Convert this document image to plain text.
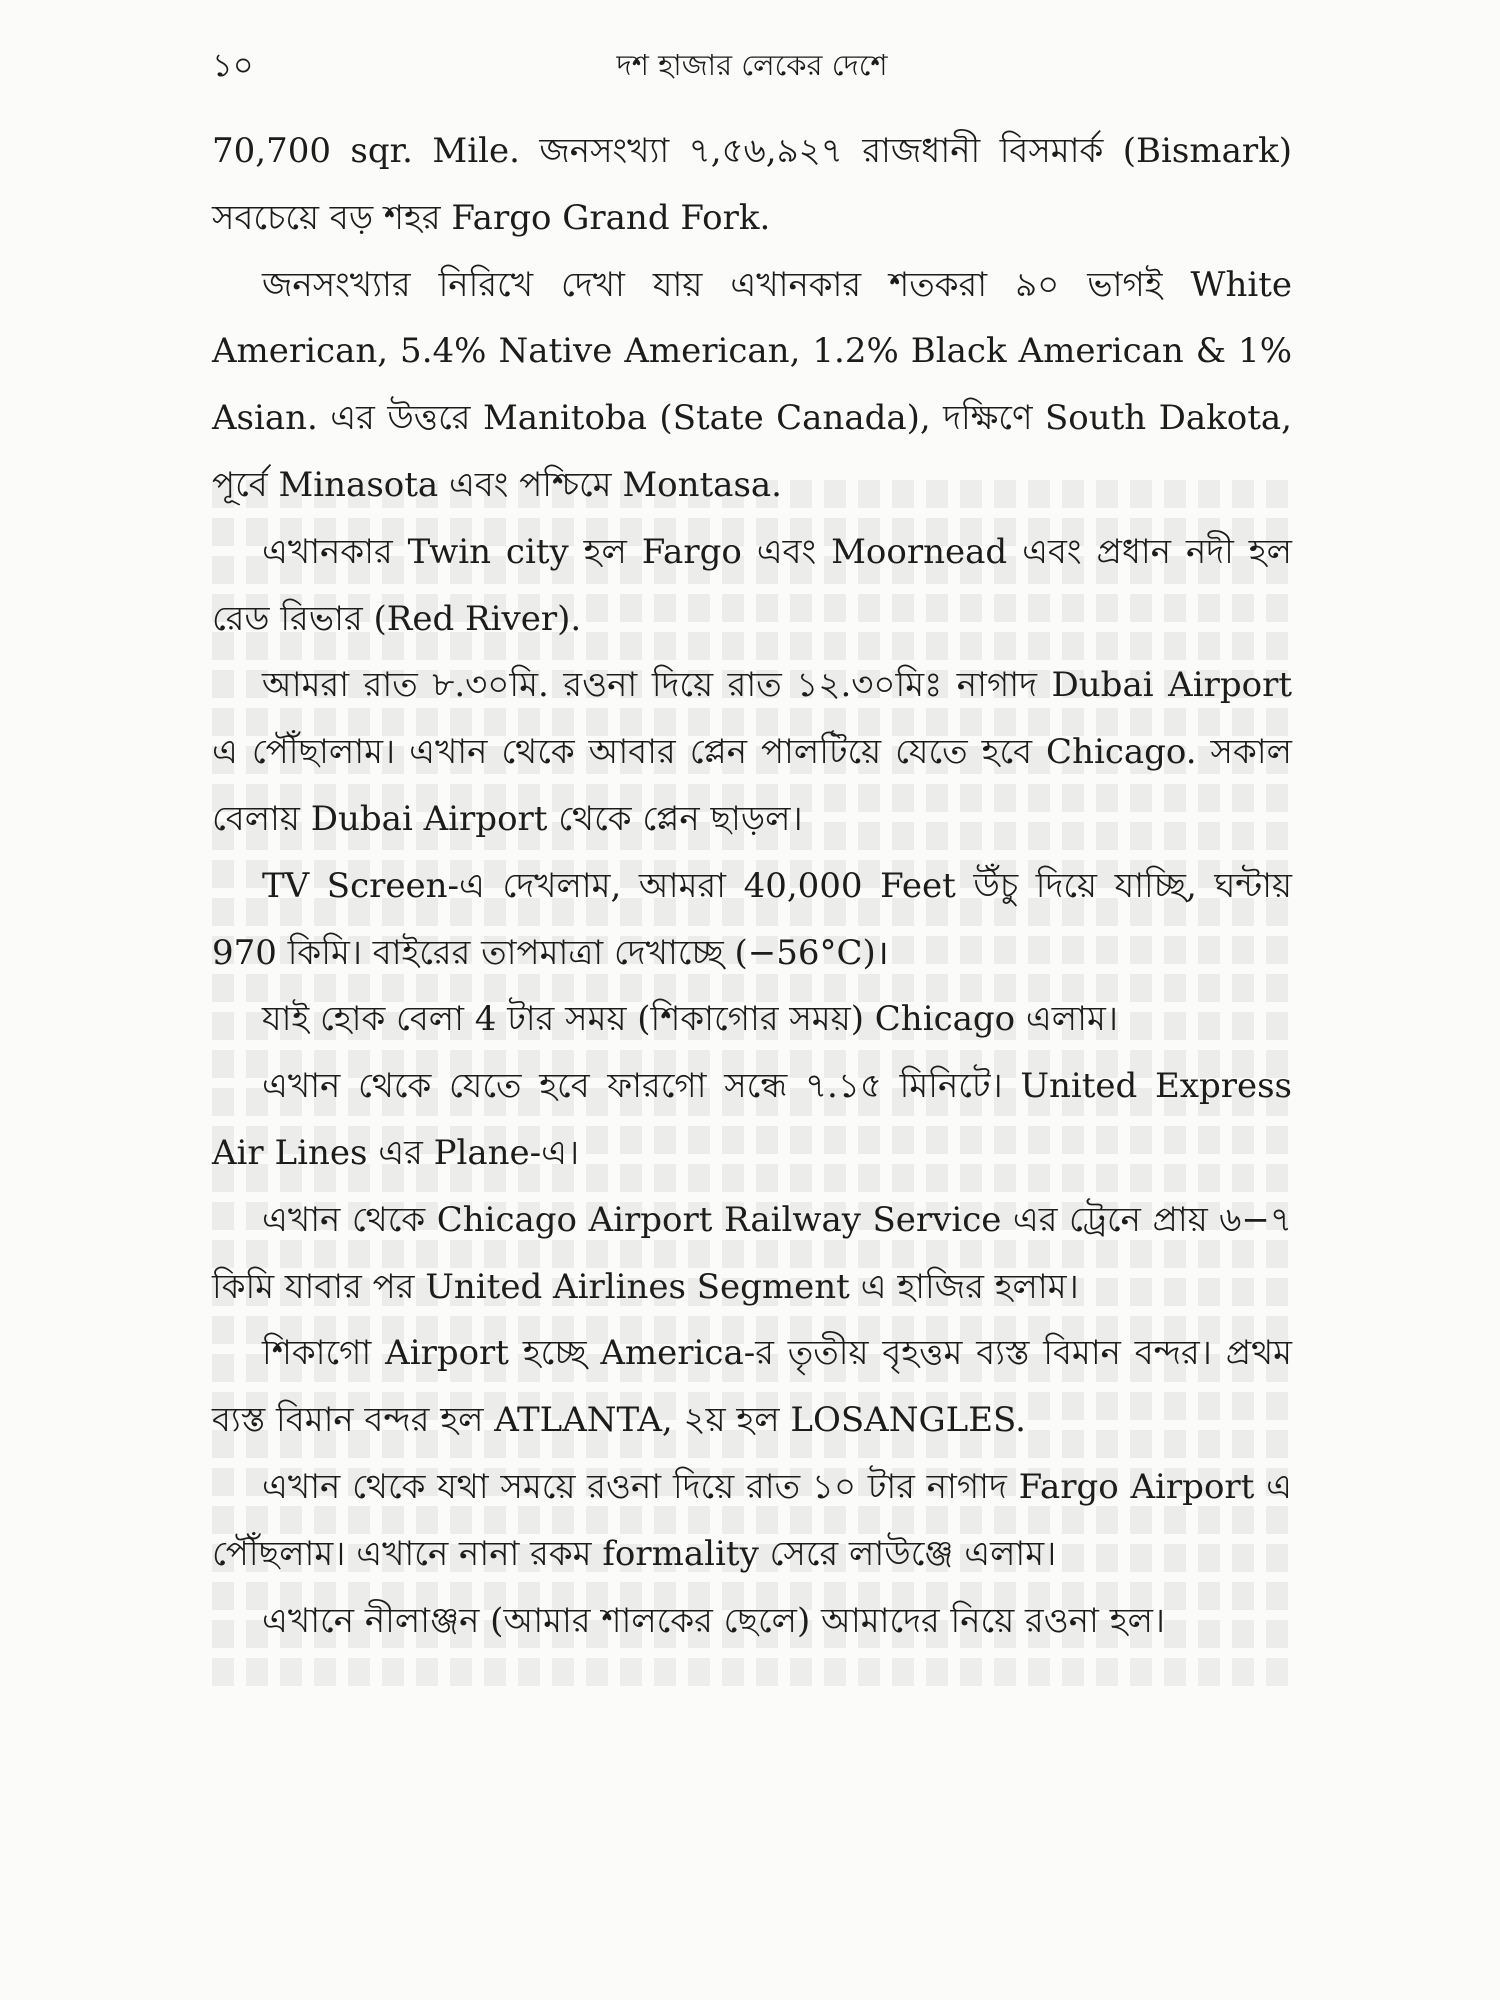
১০	দশ হাজার লেকের দেশে

70,700 sqr. Mile. জনসংখ্যা ৭,৫৬,৯২৭ রাজধানী বিসমার্ক (Bismark) সবচেয়ে বড় শহর Fargo Grand Fork.

জনসংখ্যার নিরিখে দেখা যায় এখানকার শতকরা ৯০ ভাগই White American, 5.4% Native American, 1.2% Black American & 1% Asian. এর উত্তরে Manitoba (State Canada), দক্ষিণে South Dakota, পূর্বে Minasota এবং পশ্চিমে Montasa.

এখানকার Twin city হল Fargo এবং Moornead এবং প্রধান নদী হল রেড রিভার (Red River).

আমরা রাত ৮.৩০মি. রওনা দিয়ে রাত ১২.৩০মিঃ নাগাদ Dubai Airport এ পৌঁছালাম। এখান থেকে আবার প্লেন পালটিয়ে যেতে হবে Chicago. সকাল বেলায় Dubai Airport থেকে প্লেন ছাড়ল।

TV Screen-এ দেখলাম, আমরা 40,000 Feet উঁচু দিয়ে যাচ্ছি, ঘন্টায় 970 কিমি। বাইরের তাপমাত্রা দেখাচ্ছে (−56°C)।

যাই হোক বেলা 4 টার সময় (শিকাগোর সময়) Chicago এলাম।

এখান থেকে যেতে হবে ফারগো সন্ধে ৭.১৫ মিনিটে। United Express Air Lines এর Plane-এ।

এখান থেকে Chicago Airport Railway Service এর ট্রেনে প্রায় ৬−৭ কিমি যাবার পর United Airlines Segment এ হাজির হলাম।

শিকাগো Airport হচ্ছে America-র তৃতীয় বৃহত্তম ব্যস্ত বিমান বন্দর। প্রথম ব্যস্ত বিমান বন্দর হল ATLANTA, ২য় হল LOSANGLES.

এখান থেকে যথা সময়ে রওনা দিয়ে রাত ১০ টার নাগাদ Fargo Airport এ পৌঁছলাম। এখানে নানা রকম formality সেরে লাউঞ্জে এলাম।

এখানে নীলাঞ্জন (আমার শালকের ছেলে) আমাদের নিয়ে রওনা হল।
